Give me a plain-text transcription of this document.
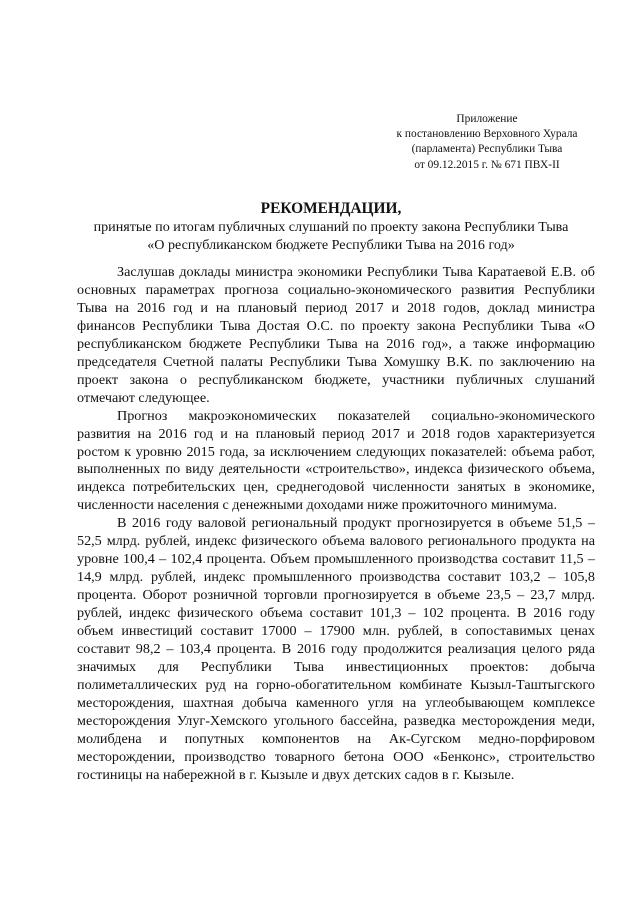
Приложение
к постановлению Верховного Хурала
(парламента) Республики Тыва
от 09.12.2015 г. № 671 ПВХ-II

РЕКОМЕНДАЦИИ,

принятые по итогам публичных слушаний по проекту закона Республики Тыва

«О республиканском бюджете Республики Тыва на 2016 год»

Заслушав доклады министра экономики Республики Тыва Каратаевой Е.В. об основных параметрах прогноза социально-экономического развития Республики Тыва на 2016 год и на плановый период 2017 и 2018 годов, доклад министра финансов Республики Тыва Достая О.С. по проекту закона Республики Тыва «О республиканском бюджете Республики Тыва на 2016 год», а также информацию председателя Счетной палаты Республики Тыва Хомушку В.К. по заключению на проект закона о республиканском бюджете, участники публичных слушаний отмечают следующее.

Прогноз макроэкономических показателей социально-экономического развития на 2016 год и на плановый период 2017 и 2018 годов характеризуется ростом к уровню 2015 года, за исключением следующих показателей: объема работ, выполненных по виду деятельности «строительство», индекса физического объема, индекса потребительских цен, среднегодовой численности занятых в экономике, численности населения с денежными доходами ниже прожиточного минимума.

В 2016 году валовой региональный продукт прогнозируется в объеме 51,5 – 52,5 млрд. рублей, индекс физического объема валового регионального продукта на уровне 100,4 – 102,4 процента. Объем промышленного производства составит 11,5 – 14,9 млрд. рублей, индекс промышленного производства составит 103,2 – 105,8 процента. Оборот розничной торговли прогнозируется в объеме 23,5 – 23,7 млрд. рублей, индекс физического объема составит 101,3 – 102 процента. В 2016 году объем инвестиций составит 17000 – 17900 млн. рублей, в сопоставимых ценах составит 98,2 – 103,4 процента. В 2016 году продолжится реализация целого ряда значимых для Республики Тыва инвестиционных проектов: добыча полиметаллических руд на горно-обогатительном комбинате Кызыл-Таштыгского месторождения, шахтная добыча каменного угля на углеобывающем комплексе месторождения Улуг-Хемского угольного бассейна, разведка месторождения меди, молибдена и попутных компонентов на Ак-Сугском медно-порфировом месторождении, производство товарного бетона ООО «Бенконс», строительство гостиницы на набережной в г. Кызыле и двух детских садов в г. Кызыле.
